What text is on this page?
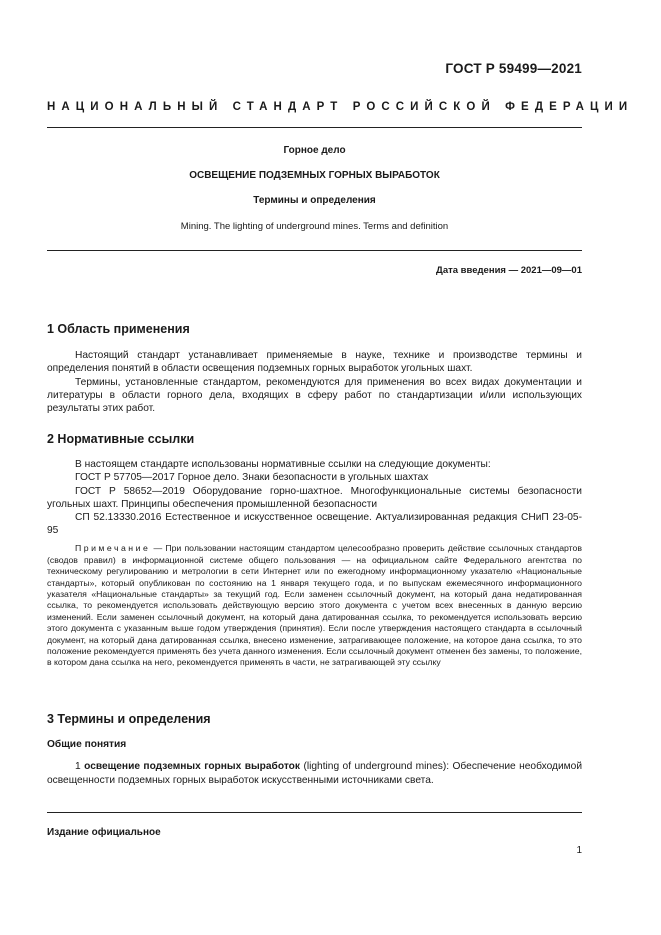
ГОСТ Р 59499—2021
НАЦИОНАЛЬНЫЙ СТАНДАРТ РОССИЙСКОЙ ФЕДЕРАЦИИ
Горное дело
ОСВЕЩЕНИЕ ПОДЗЕМНЫХ ГОРНЫХ ВЫРАБОТОК
Термины и определения
Mining. The lighting of underground mines. Terms and definition
Дата введения — 2021—09—01
1 Область применения

Настоящий стандарт устанавливает применяемые в науке, технике и производстве термины и определения понятий в области освещения подземных горных выработок угольных шахт.

Термины, установленные стандартом, рекомендуются для применения во всех видах документации и литературы в области горного дела, входящих в сферу работ по стандартизации и/или использующих результаты этих работ.

2 Нормативные ссылки

В настоящем стандарте использованы нормативные ссылки на следующие документы:

ГОСТ Р 57705—2017 Горное дело. Знаки безопасности в угольных шахтах

ГОСТ Р 58652—2019 Оборудование горно-шахтное. Многофункциональные системы безопасности угольных шахт. Принципы обеспечения промышленной безопасности

СП 52.13330.2016 Естественное и искусственное освещение. Актуализированная редакция СНиП 23-05-95

Примечание — При пользовании настоящим стандартом целесообразно проверить действие ссылочных стандартов (сводов правил) в информационной системе общего пользования — на официальном сайте Федерального агентства по техническому регулированию и метрологии в сети Интернет или по ежегодному информационному указателю «Национальные стандарты», который опубликован по состоянию на 1 января текущего года, и по выпускам ежемесячного информационного указателя «Национальные стандарты» за текущий год. Если заменен ссылочный документ, на который дана недатированная ссылка, то рекомендуется использовать действующую версию этого документа с учетом всех внесенных в данную версию изменений. Если заменен ссылочный документ, на который дана датированная ссылка, то рекомендуется использовать версию этого документа с указанным выше годом утверждения (принятия). Если после утверждения настоящего стандарта в ссылочный документ, на который дана датированная ссылка, внесено изменение, затрагивающее положение, на которое дана ссылка, то это положение рекомендуется применять без учета данного изменения. Если ссылочный документ отменен без замены, то положение, в котором дана ссылка на него, рекомендуется применять в части, не затрагивающей эту ссылку

3 Термины и определения
Общие понятия

1 освещение подземных горных выработок (lighting of underground mines): Обеспечение необходимой освещенности подземных горных выработок искусственными источниками света.

Издание официальное
1
